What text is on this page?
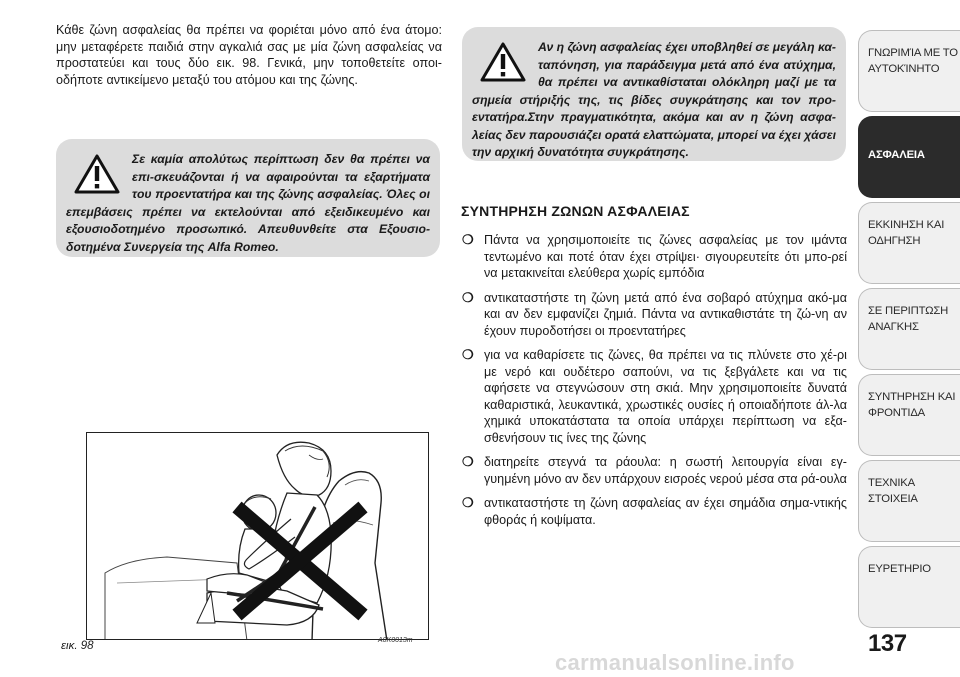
Κάθε ζώνη ασφαλείας θα πρέπει να φοριέται μόνο από ένα άτομο: μην μεταφέρετε παιδιά στην αγκαλιά σας με μία ζώνη ασφαλείας να προστατεύει και τους δύο εικ. 98. Γενικά, μην τοποθετείτε οποι-οδήποτε αντικείμενο μεταξύ του ατόμου και της ζώνης.
Σε καμία απολύτως περίπτωση δεν θα πρέπει να επι-σκευάζονται ή να αφαιρούνται τα εξαρτήματα του προεντατήρα και της ζώνης ασφαλείας. Όλες οι επεμβάσεις πρέπει να εκτελούνται από εξειδικευμένο και εξουσιοδοτημένο προσωπικό. Απευθυνθείτε στα Εξουσιο-δοτημένα Συνεργεία της Alfa Romeo.
Αν η ζώνη ασφαλείας έχει υποβληθεί σε μεγάλη κα-ταπόνηση, για παράδειγμα μετά από ένα ατύχημα, θα πρέπει να αντικαθίσταται ολόκληρη μαζί με τα σημεία στήριξής της, τις βίδες συγκράτησης και τον προ-εντατήρα.Στην πραγματικότητα, ακόμα και αν η ζώνη ασφα-λείας δεν παρουσιάζει ορατά ελαττώματα, μπορεί να έχει χάσει την αρχική δυνατότητα συγκράτησης.
ΣΥΝΤΗΡΗΣΗ ΖΩΝΩΝ ΑΣΦΑΛΕΙΑΣ
❍ Πάντα να χρησιμοποιείτε τις ζώνες ασφαλείας με τον ιμάντα τεντωμένο και ποτέ όταν έχει στρίψει· σιγουρευτείτε ότι μπο-ρεί να μετακινείται ελεύθερα χωρίς εμπόδια
❍ αντικαταστήστε τη ζώνη μετά από ένα σοβαρό ατύχημα ακό-μα και αν δεν εμφανίζει ζημιά. Πάντα να αντικαθιστάτε τη ζώ-νη αν έχουν πυροδοτήσει οι προεντατήρες
❍ για να καθαρίσετε τις ζώνες, θα πρέπει να τις πλύνετε στο χέ-ρι με νερό και ουδέτερο σαπούνι, να τις ξεβγάλετε και να τις αφήσετε να στεγνώσουν στη σκιά. Μην χρησιμοποιείτε δυνατά καθαριστικά, λευκαντικά, χρωστικές ουσίες ή οποιαδήποτε άλ-λα χημικά υποκατάστατα τα οποία υπάρχει περίπτωση να εξα-σθενήσουν τις ίνες της ζώνης
❍ διατηρείτε στεγνά τα ράουλα: η σωστή λειτουργία είναι εγ-γυημένη μόνο αν δεν υπάρχουν εισροές νερού μέσα στα ρά-ουλα
❍ αντικαταστήστε τη ζώνη ασφαλείας αν έχει σημάδια σημα-ντικής φθοράς ή κοψίματα.
εικ. 98	A0K0013m	137
carmanualsonline.info
ΓΝΩΡΙΜΊΑ ΜΕ ΤΟ ΑΥΤΟΚΊΝΗΤΟ
ΑΣΦΑΛΕΙΑ
ΕΚΚΙΝΗΣΗ ΚΑΙ ΟΔΗΓΗΣΗ
ΣΕ ΠΕΡΙΠΤΩΣΗ ΑΝΑΓΚΗΣ
ΣΥΝΤΗΡΗΣΗ ΚΑΙ ΦΡΟΝΤΙΔΑ
ΤΕΧΝΙΚΑ ΣΤΟΙΧΕΙΑ
ΕΥΡΕΤΗΡΙΟ
